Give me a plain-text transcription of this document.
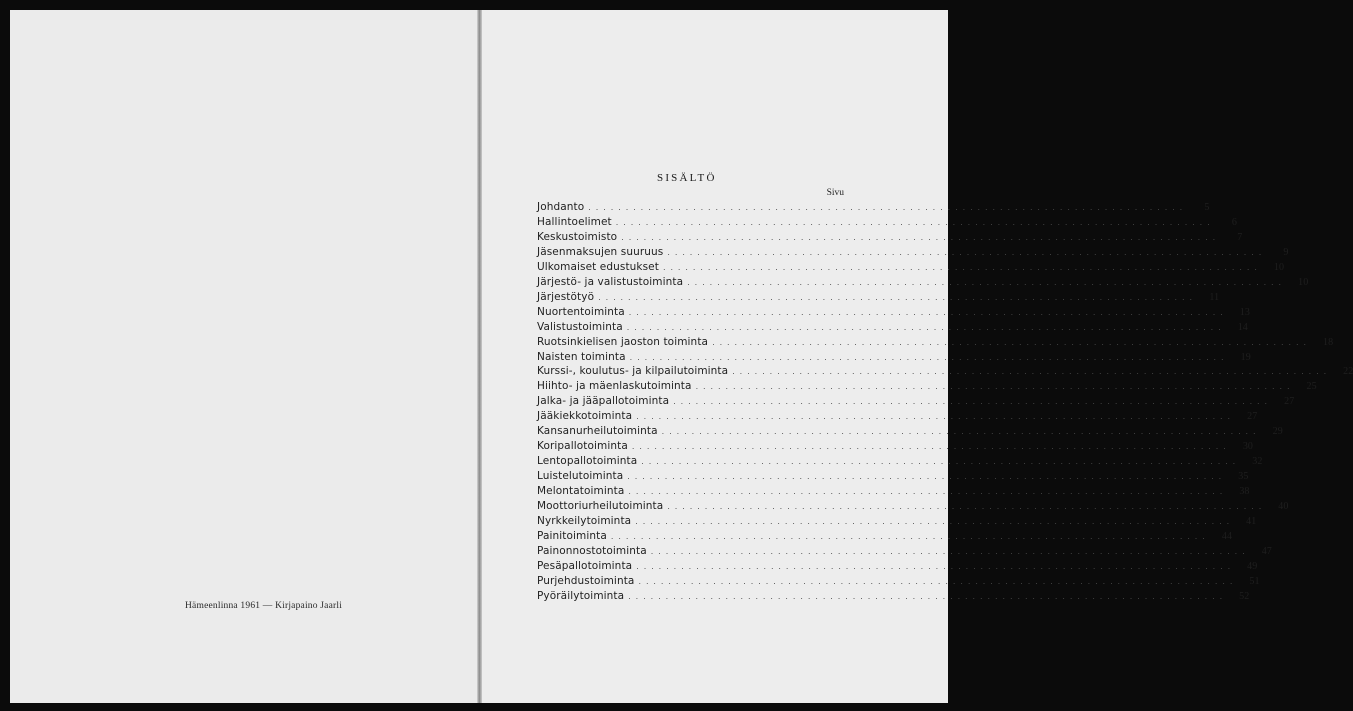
Hämeenlinna 1961 — Kirjapaino Jaarli
SISÄLTÖ
Sivu
Johdanto . . . . . . . . . . . . . . . . . . . . . . . . . . . . . . . . . . . . . . . . . . . . . . . . . . . . . . . . . . . . . . . . . . . . . . . . . . . . . . . .	5
Hallintoelimet . . . . . . . . . . . . . . . . . . . . . . . . . . . . . . . . . . . . . . . . . . . . . . . . . . . . . . . . . . . . . . . . . . . . . . . . . . . . . . . .	6
Keskustoimisto . . . . . . . . . . . . . . . . . . . . . . . . . . . . . . . . . . . . . . . . . . . . . . . . . . . . . . . . . . . . . . . . . . . . . . . . . . . . . . . .	7
Jäsenmaksujen suuruus . . . . . . . . . . . . . . . . . . . . . . . . . . . . . . . . . . . . . . . . . . . . . . . . . . . . . . . . . . . . . . . . . . . . . . . . . . . . . . . .	9
Ulkomaiset edustukset . . . . . . . . . . . . . . . . . . . . . . . . . . . . . . . . . . . . . . . . . . . . . . . . . . . . . . . . . . . . . . . . . . . . . . . . . . . . . . . .	10
Järjestö- ja valistustoiminta . . . . . . . . . . . . . . . . . . . . . . . . . . . . . . . . . . . . . . . . . . . . . . . . . . . . . . . . . . . . . . . . . . . . . . . . . . . . . . . .	10
Järjestötyö . . . . . . . . . . . . . . . . . . . . . . . . . . . . . . . . . . . . . . . . . . . . . . . . . . . . . . . . . . . . . . . . . . . . . . . . . . . . . . . .	11
Nuortentoiminta . . . . . . . . . . . . . . . . . . . . . . . . . . . . . . . . . . . . . . . . . . . . . . . . . . . . . . . . . . . . . . . . . . . . . . . . . . . . . . . .	13
Valistustoiminta . . . . . . . . . . . . . . . . . . . . . . . . . . . . . . . . . . . . . . . . . . . . . . . . . . . . . . . . . . . . . . . . . . . . . . . . . . . . . . . .	14
Ruotsinkielisen jaoston toiminta . . . . . . . . . . . . . . . . . . . . . . . . . . . . . . . . . . . . . . . . . . . . . . . . . . . . . . . . . . . . . . . . . . . . . . . . . . . . . . . .	18
Naisten toiminta . . . . . . . . . . . . . . . . . . . . . . . . . . . . . . . . . . . . . . . . . . . . . . . . . . . . . . . . . . . . . . . . . . . . . . . . . . . . . . . .	19
Kurssi-, koulutus- ja kilpailutoiminta . . . . . . . . . . . . . . . . . . . . . . . . . . . . . . . . . . . . . . . . . . . . . . . . . . . . . . . . . . . . . . . . . . . . . . . . . . . . . . . .	22
Hiihto- ja mäenlaskutoiminta . . . . . . . . . . . . . . . . . . . . . . . . . . . . . . . . . . . . . . . . . . . . . . . . . . . . . . . . . . . . . . . . . . . . . . . . . . . . . . . .	25
Jalka- ja jääpallotoiminta . . . . . . . . . . . . . . . . . . . . . . . . . . . . . . . . . . . . . . . . . . . . . . . . . . . . . . . . . . . . . . . . . . . . . . . . . . . . . . . .	27
Jääkiekkotoiminta . . . . . . . . . . . . . . . . . . . . . . . . . . . . . . . . . . . . . . . . . . . . . . . . . . . . . . . . . . . . . . . . . . . . . . . . . . . . . . . .	27
Kansanurheilutoiminta . . . . . . . . . . . . . . . . . . . . . . . . . . . . . . . . . . . . . . . . . . . . . . . . . . . . . . . . . . . . . . . . . . . . . . . . . . . . . . . .	29
Koripallotoiminta . . . . . . . . . . . . . . . . . . . . . . . . . . . . . . . . . . . . . . . . . . . . . . . . . . . . . . . . . . . . . . . . . . . . . . . . . . . . . . . .	30
Lentopallotoiminta . . . . . . . . . . . . . . . . . . . . . . . . . . . . . . . . . . . . . . . . . . . . . . . . . . . . . . . . . . . . . . . . . . . . . . . . . . . . . . . .	32
Luistelutoiminta . . . . . . . . . . . . . . . . . . . . . . . . . . . . . . . . . . . . . . . . . . . . . . . . . . . . . . . . . . . . . . . . . . . . . . . . . . . . . . . .	35
Melontatoiminta . . . . . . . . . . . . . . . . . . . . . . . . . . . . . . . . . . . . . . . . . . . . . . . . . . . . . . . . . . . . . . . . . . . . . . . . . . . . . . . .	38
Moottoriurheilutoiminta . . . . . . . . . . . . . . . . . . . . . . . . . . . . . . . . . . . . . . . . . . . . . . . . . . . . . . . . . . . . . . . . . . . . . . . . . . . . . . . .	40
Nyrkkeilytoiminta . . . . . . . . . . . . . . . . . . . . . . . . . . . . . . . . . . . . . . . . . . . . . . . . . . . . . . . . . . . . . . . . . . . . . . . . . . . . . . . .	41
Painitoiminta . . . . . . . . . . . . . . . . . . . . . . . . . . . . . . . . . . . . . . . . . . . . . . . . . . . . . . . . . . . . . . . . . . . . . . . . . . . . . . . .	44
Painonnostotoiminta . . . . . . . . . . . . . . . . . . . . . . . . . . . . . . . . . . . . . . . . . . . . . . . . . . . . . . . . . . . . . . . . . . . . . . . . . . . . . . . .	47
Pesäpallotoiminta . . . . . . . . . . . . . . . . . . . . . . . . . . . . . . . . . . . . . . . . . . . . . . . . . . . . . . . . . . . . . . . . . . . . . . . . . . . . . . . .	49
Purjehdustoiminta . . . . . . . . . . . . . . . . . . . . . . . . . . . . . . . . . . . . . . . . . . . . . . . . . . . . . . . . . . . . . . . . . . . . . . . . . . . . . . . .	51
Pyöräilytoiminta . . . . . . . . . . . . . . . . . . . . . . . . . . . . . . . . . . . . . . . . . . . . . . . . . . . . . . . . . . . . . . . . . . . . . . . . . . . . . . . .	52
